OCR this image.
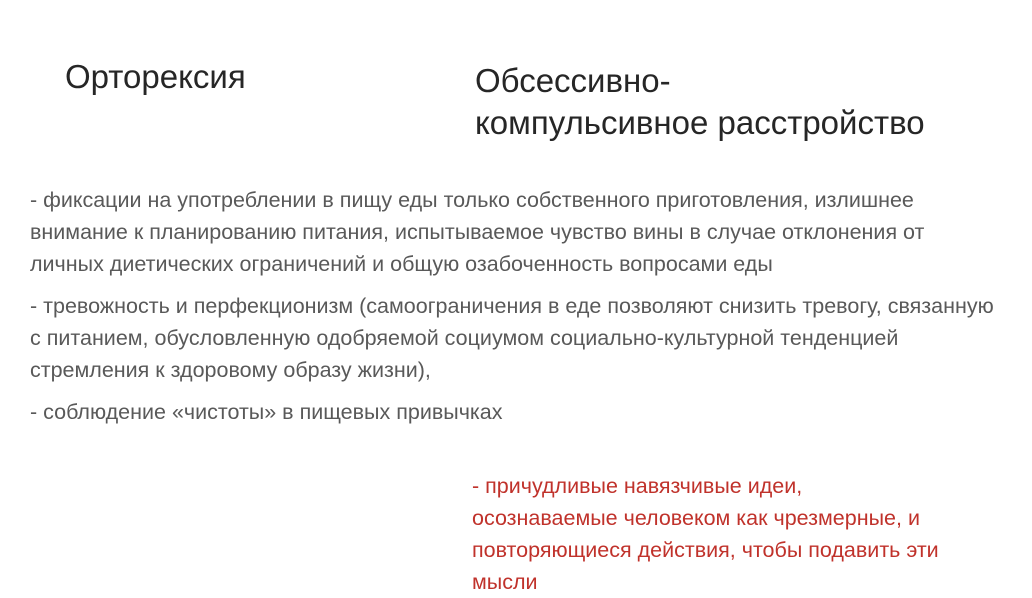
Орторексия	Обсессивно-
компульсивное расстройство

- фиксации на употреблении в пищу еды только собственного приготовления, излишнее внимание к планированию питания, испытываемое чувство вины в случае отклонения от личных диетических ограничений и общую озабоченность вопросами еды

- тревожность и перфекционизм (самоограничения в еде позволяют снизить тревогу, связанную с питанием, обусловленную одобряемой социумом социально-культурной тенденцией стремления к здоровому образу жизни),

- соблюдение «чистоты» в пищевых привычках

- причудливые навязчивые идеи,
осознаваемые человеком как чрезмерные, и
повторяющиеся действия, чтобы подавить эти
мысли
